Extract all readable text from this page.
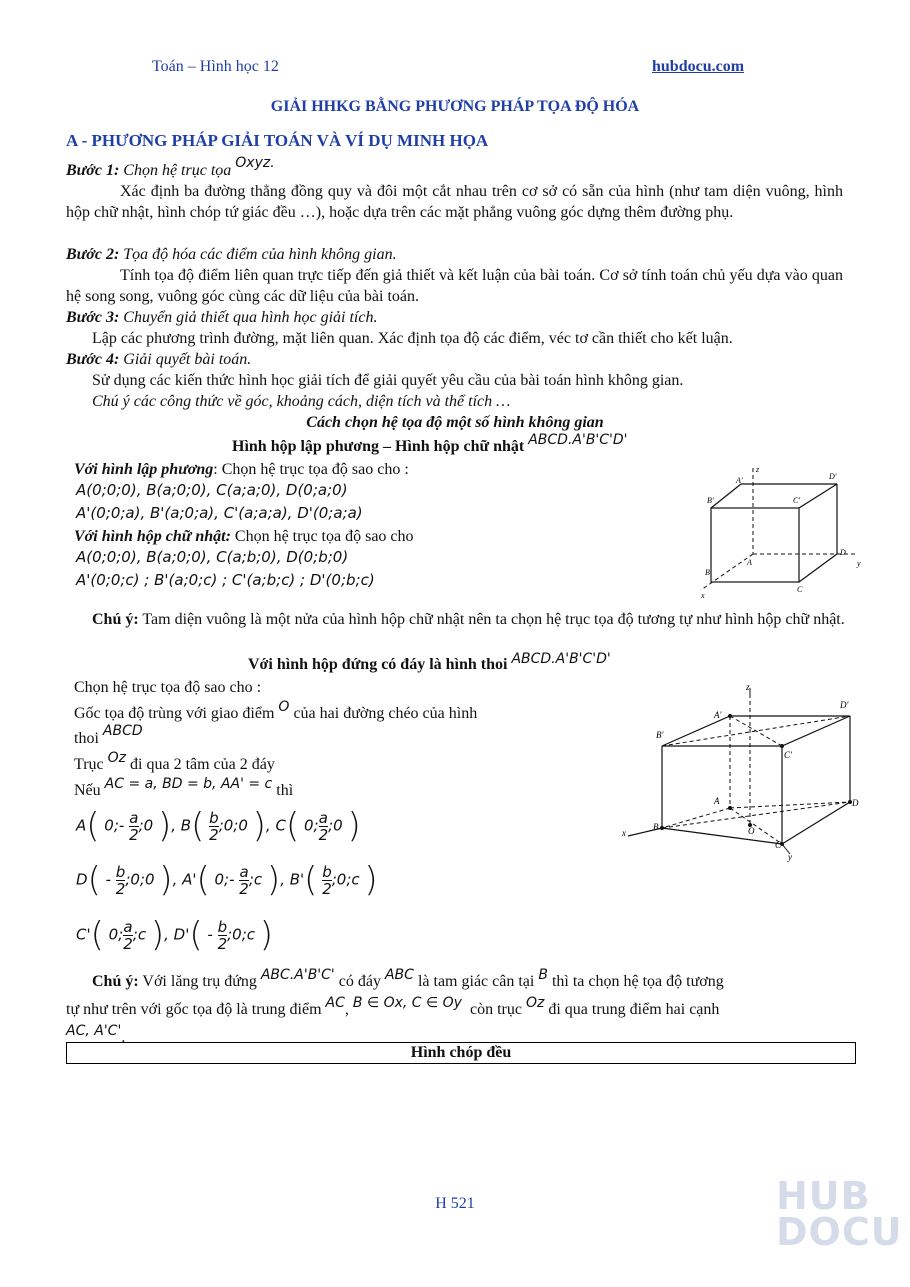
Toán – Hình học 12	hubdocu.com
GIẢI HHKG BẰNG PHƯƠNG PHÁP TỌA ĐỘ HÓA
A - PHƯƠNG PHÁP GIẢI TOÁN VÀ VÍ DỤ MINH HỌA
Bước 1: Chọn hệ trục tọa Oxyz.
Xác định ba đường thẳng đồng quy và đôi một cắt nhau trên cơ sở có sẵn của hình (như tam diện vuông, hình hộp chữ nhật, hình chóp tứ giác đều …), hoặc dựa trên các mặt phẳng vuông góc dựng thêm đường phụ.
Bước 2: Tọa độ hóa các điểm của hình không gian.
Tính tọa độ điểm liên quan trực tiếp đến giả thiết và kết luận của bài toán. Cơ sở tính toán chủ yếu dựa vào quan hệ song song, vuông góc cùng các dữ liệu của bài toán.
Bước 3: Chuyển giả thiết qua hình học giải tích.
Lập các phương trình đường, mặt liên quan. Xác định tọa độ các điểm, véc tơ cần thiết cho kết luận.
Bước 4: Giải quyết bài toán.
Sử dụng các kiến thức hình học giải tích để giải quyết yêu cầu của bài toán hình không gian.
Chú ý các công thức về góc, khoảng cách, diện tích và thể tích …
Cách chọn hệ tọa độ một số hình không gian
Hình hộp lập phương – Hình hộp chữ nhật ABCD.A'B'C'D'
Với hình lập phương: Chọn hệ trục tọa độ sao cho :
A(0;0;0), B(a;0;0), C(a;a;0), D(0;a;0)
A'(0;0;a), B'(a;0;a), C'(a;a;a), D'(0;a;a)
Với hình hộp chữ nhật: Chọn hệ trục tọa độ sao cho
A(0;0;0), B(a;0;0), C(a;b;0), D(0;b;0)
A'(0;0;c) ; B'(a;0;c) ; C'(a;b;c) ; D'(0;b;c)
z
D'
A'
B'	C'
A
D
y
B
C
x
Chú ý: Tam diện vuông là một nửa của hình hộp chữ nhật nên ta chọn hệ trục tọa độ tương tự như hình hộp chữ nhật.
Với hình hộp đứng có đáy là hình thoi ABCD.A'B'C'D'
Chọn hệ trục tọa độ sao cho :
Gốc tọa độ trùng với giao điểm O của hai đường chéo của hình
thoi ABCD
Trục Oz đi qua 2 tâm của 2 đáy
Nếu AC = a, BD = b, AA' = c thì
A( 0;- $\frac{a}{2}$ ;0 ), $B( \frac{b}{2}$ ;0;0 ), C( 0; $\frac{a}{2}$ ;0 )
$D( - \frac{b}{2}$ ;0;0 ), A'( 0;- $\frac{a}{2}$ ;c ), $B'( \frac{b}{2}$ ;0;c )
C'( 0; $\frac{a}{2}$ ;c ), $D'( - \frac{b}{2}$ ;0;c )
z
A'
D'
B'
C'
A	D
B	O
C
x
y
Chú ý: Với lăng trụ đứng ABC.A'B'C' có đáy ABC là tam giác cân tại B thì ta chọn hệ tọa độ tương
tự như trên với gốc tọa độ là trung điểm AC, B ∈ Ox, C ∈ Oy còn trục Oz đi qua trung điểm hai cạnh
AC, A'C'.
Hình chóp đều
H 521	HUB
DOCU
